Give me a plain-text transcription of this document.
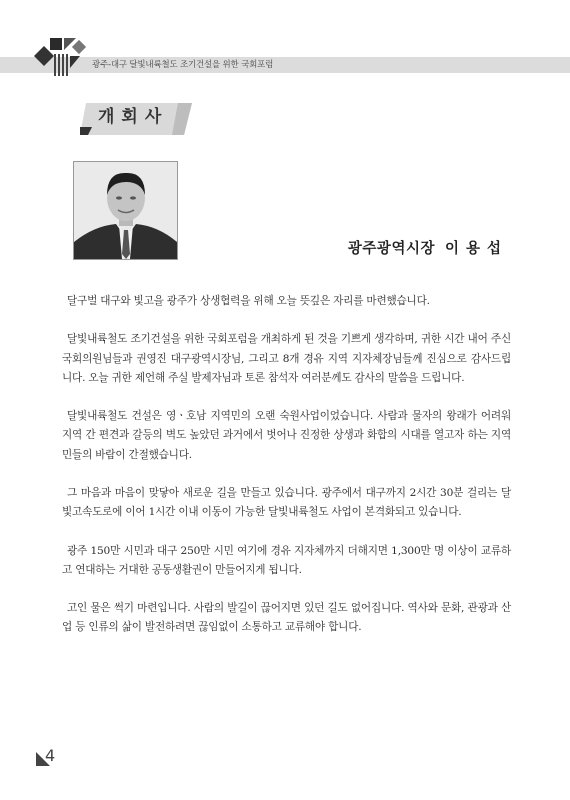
광주-대구 달빛내륙철도 조기건설을 위한 국회포럼
개회사
광주광역시장 이용섭

달구벌 대구와 빛고을 광주가 상생협력을 위해 오늘 뜻깊은 자리를 마련했습니다.

달빛내륙철도 조기건설을 위한 국회포럼을 개최하게 된 것을 기쁘게 생각하며, 귀한 시간 내어 주신 국회의원님들과 권영진 대구광역시장님, 그리고 8개 경유 지역 지자체장님들께 진심으로 감사드립니다. 오늘 귀한 제언해 주실 발제자님과 토론 참석자 여러분께도 감사의 말씀을 드립니다.

달빛내륙철도 건설은 영ㆍ호남 지역민의 오랜 숙원사업이었습니다. 사람과 물자의 왕래가 어려워 지역 간 편견과 갈등의 벽도 높았던 과거에서 벗어나 진정한 상생과 화합의 시대를 열고자 하는 지역민들의 바람이 간절했습니다.

그 마음과 마음이 맞닿아 새로운 길을 만들고 있습니다. 광주에서 대구까지 2시간 30분 걸리는 달빛고속도로에 이어 1시간 이내 이동이 가능한 달빛내륙철도 사업이 본격화되고 있습니다.

광주 150만 시민과 대구 250만 시민 여기에 경유 지자체까지 더해지면 1,300만 명 이상이 교류하고 연대하는 거대한 공동생활권이 만들어지게 됩니다.

고인 물은 썩기 마련입니다. 사람의 발길이 끊어지면 있던 길도 없어집니다. 역사와 문화, 관광과 산업 등 인류의 삶이 발전하려면 끊임없이 소통하고 교류해야 합니다.

4
